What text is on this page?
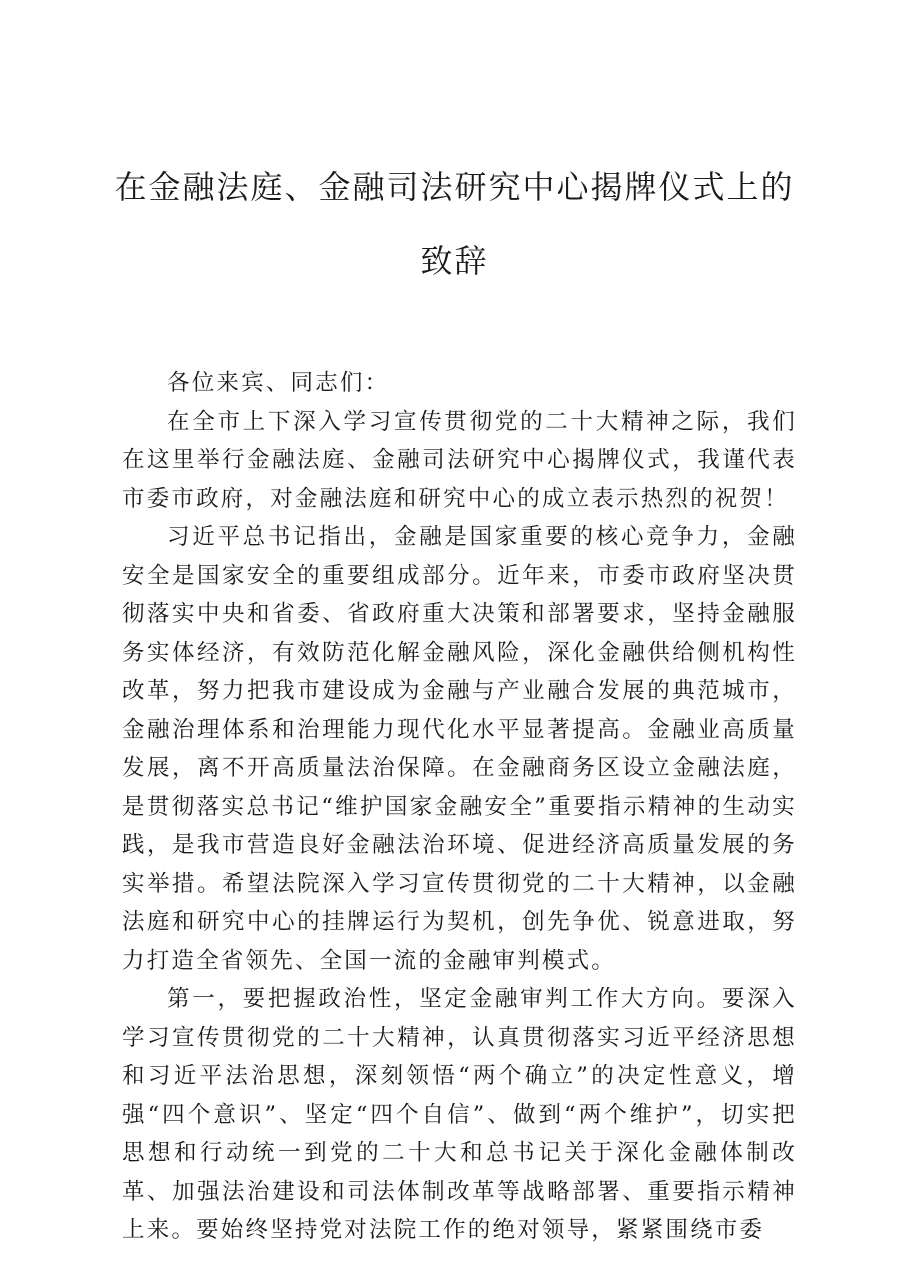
在金融法庭、金融司法研究中心揭牌仪式上的致辞

各位来宾、同志们：

在全市上下深入学习宣传贯彻党的二十大精神之际，我们在这里举行金融法庭、金融司法研究中心揭牌仪式，我谨代表市委市政府，对金融法庭和研究中心的成立表示热烈的祝贺！

习近平总书记指出，金融是国家重要的核心竞争力，金融安全是国家安全的重要组成部分。近年来，市委市政府坚决贯彻落实中央和省委、省政府重大决策和部署要求，坚持金融服务实体经济，有效防范化解金融风险，深化金融供给侧机构性改革，努力把我市建设成为金融与产业融合发展的典范城市，金融治理体系和治理能力现代化水平显著提高。金融业高质量发展，离不开高质量法治保障。在金融商务区设立金融法庭，是贯彻落实总书记“维护国家金融安全”重要指示精神的生动实践，是我市营造良好金融法治环境、促进经济高质量发展的务实举措。希望法院深入学习宣传贯彻党的二十大精神，以金融法庭和研究中心的挂牌运行为契机，创先争优、锐意进取，努力打造全省领先、全国一流的金融审判模式。

第一，要把握政治性，坚定金融审判工作大方向。要深入学习宣传贯彻党的二十大精神，认真贯彻落实习近平经济思想和习近平法治思想，深刻领悟“两个确立”的决定性意义，增强“四个意识”、坚定“四个自信”、做到“两个维护”，切实把思想和行动统一到党的二十大和总书记关于深化金融体制改革、加强法治建设和司法体制改革等战略部署、重要指示精神上来。要始终坚持党对法院工作的绝对领导，紧紧围绕市委
